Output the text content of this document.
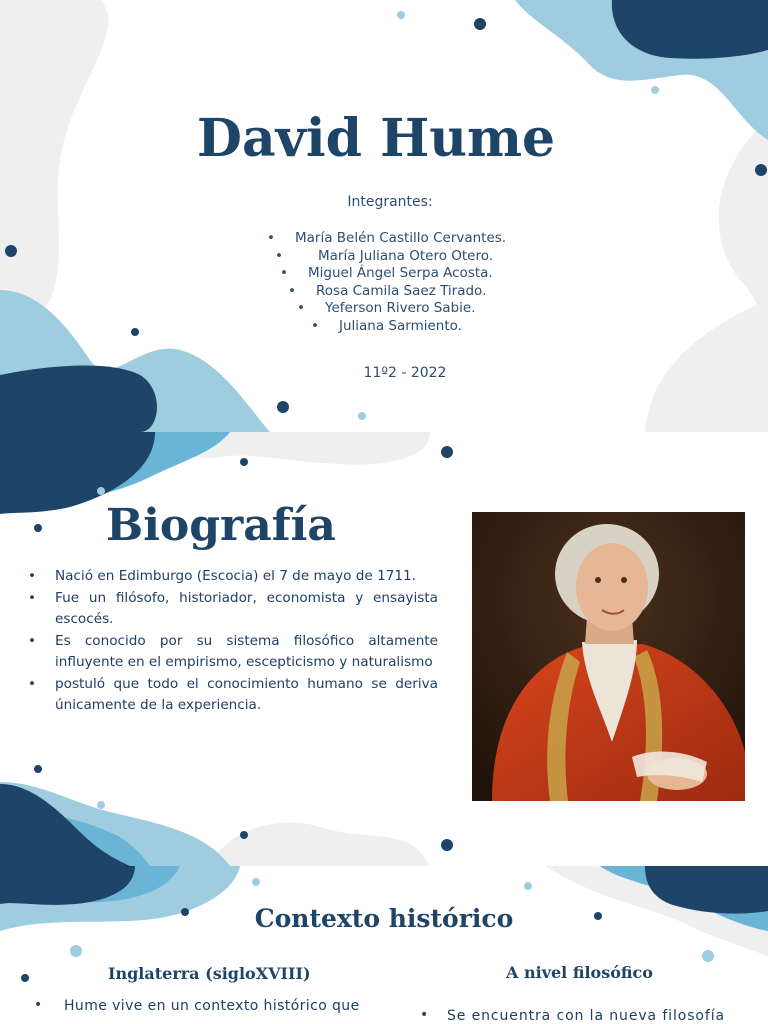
David Hume

Integrantes:

• María Belén Castillo Cervantes.
•	María Juliana Otero Otero.
• Miguel Ángel Serpa Acosta.
• Rosa Camila Saez Tirado.
• Yeferson Rivero Sabie.
• Juliana Sarmiento.

11º2 - 2022

Biografía
• Nació en Edimburgo (Escocia) el 7 de mayo de 1711.
• Fue un filósofo, historiador, economista y ensayista escocés.
• Es conocido por su sistema filosófico altamente influyente en el empirismo, escepticismo y naturalismo
• postuló que todo el conocimiento humano se deriva únicamente de la experiencia.
Contexto histórico

Inglaterra (sigloXVIII)

• Hume vive en un contexto histórico que

A nivel filosófico

• Se encuentra con la nueva filosofía
